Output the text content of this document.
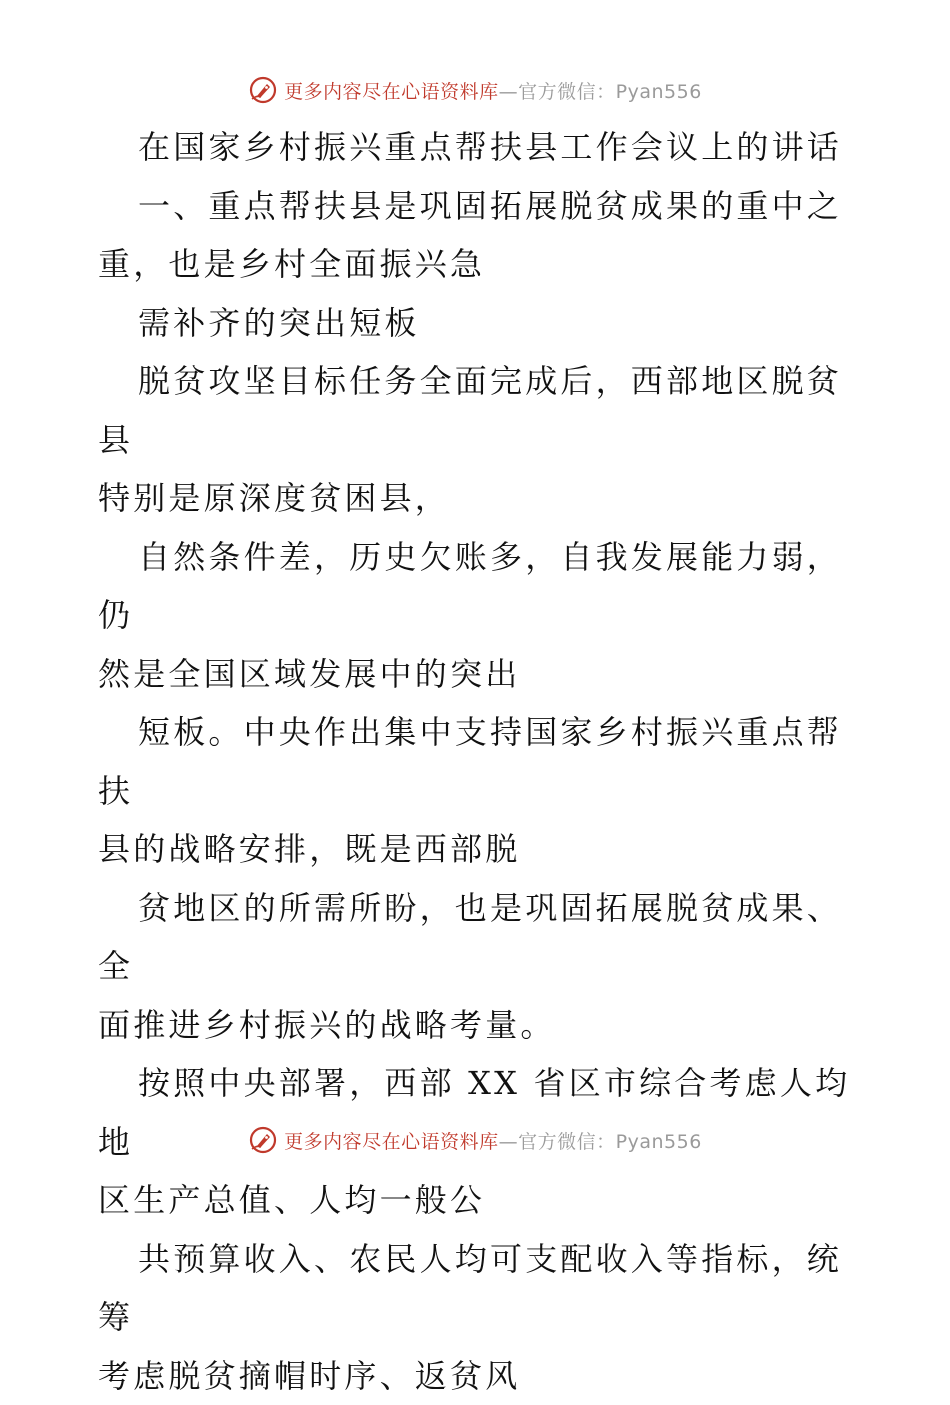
更多内容尽在心语资料库 —官方微信：Pyan556

在国家乡村振兴重点帮扶县工作会议上的讲话

一、重点帮扶县是巩固拓展脱贫成果的重中之
重，也是乡村全面振兴急

需补齐的突出短板

脱贫攻坚目标任务全面完成后，西部地区脱贫县
特别是原深度贫困县，

自然条件差，历史欠账多，自我发展能力弱，仍
然是全国区域发展中的突出

短板。中央作出集中支持国家乡村振兴重点帮扶
县的战略安排，既是西部脱

贫地区的所需所盼，也是巩固拓展脱贫成果、全
面推进乡村振兴的战略考量。

按照中央部署，西部 XX 省区市综合考虑人均地
区生产总值、人均一般公

共预算收入、农民人均可支配收入等指标，统筹
考虑脱贫摘帽时序、返贫风

更多内容尽在心语资料库 —官方微信：Pyan556
